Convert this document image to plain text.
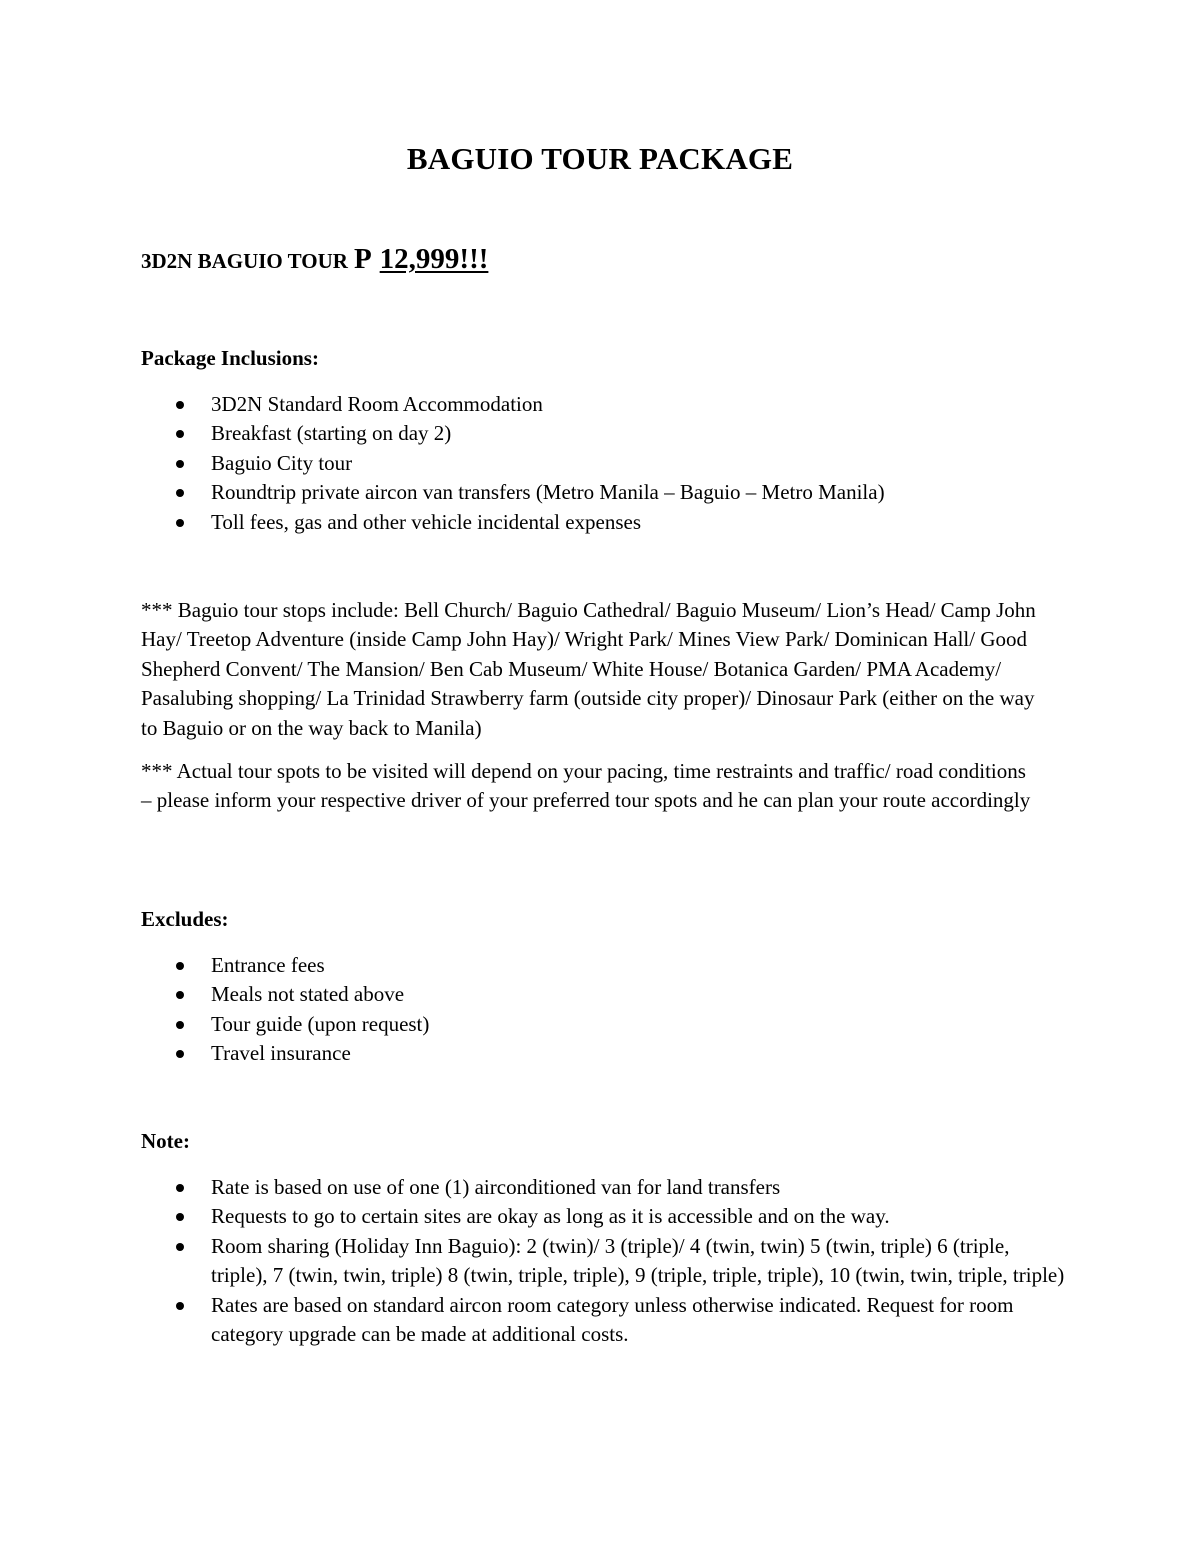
BAGUIO TOUR PACKAGE

3D2N BAGUIO TOUR P 12,999!!!

Package Inclusions:

3D2N Standard Room Accommodation
Breakfast (starting on day 2)
Baguio City tour
Roundtrip private aircon van transfers (Metro Manila – Baguio – Metro Manila)
Toll fees, gas and other vehicle incidental expenses

*** Baguio tour stops include: Bell Church/ Baguio Cathedral/ Baguio Museum/ Lion’s Head/ Camp John Hay/ Treetop Adventure (inside Camp John Hay)/ Wright Park/ Mines View Park/ Dominican Hall/ Good Shepherd Convent/ The Mansion/ Ben Cab Museum/ White House/ Botanica Garden/ PMA Academy/ Pasalubing shopping/ La Trinidad Strawberry farm (outside city proper)/ Dinosaur Park (either on the way to Baguio or on the way back to Manila)

*** Actual tour spots to be visited will depend on your pacing, time restraints and traffic/ road conditions – please inform your respective driver of your preferred tour spots and he can plan your route accordingly

Excludes:

Entrance fees
Meals not stated above
Tour guide (upon request)
Travel insurance

Note:

Rate is based on use of one (1) airconditioned van for land transfers
Requests to go to certain sites are okay as long as it is accessible and on the way.
Room sharing (Holiday Inn Baguio): 2 (twin)/ 3 (triple)/ 4 (twin, twin) 5 (twin, triple) 6 (triple, triple), 7 (twin, twin, triple) 8 (twin, triple, triple), 9 (triple, triple, triple), 10 (twin, twin, triple, triple)
Rates are based on standard aircon room category unless otherwise indicated. Request for room category upgrade can be made at additional costs.
